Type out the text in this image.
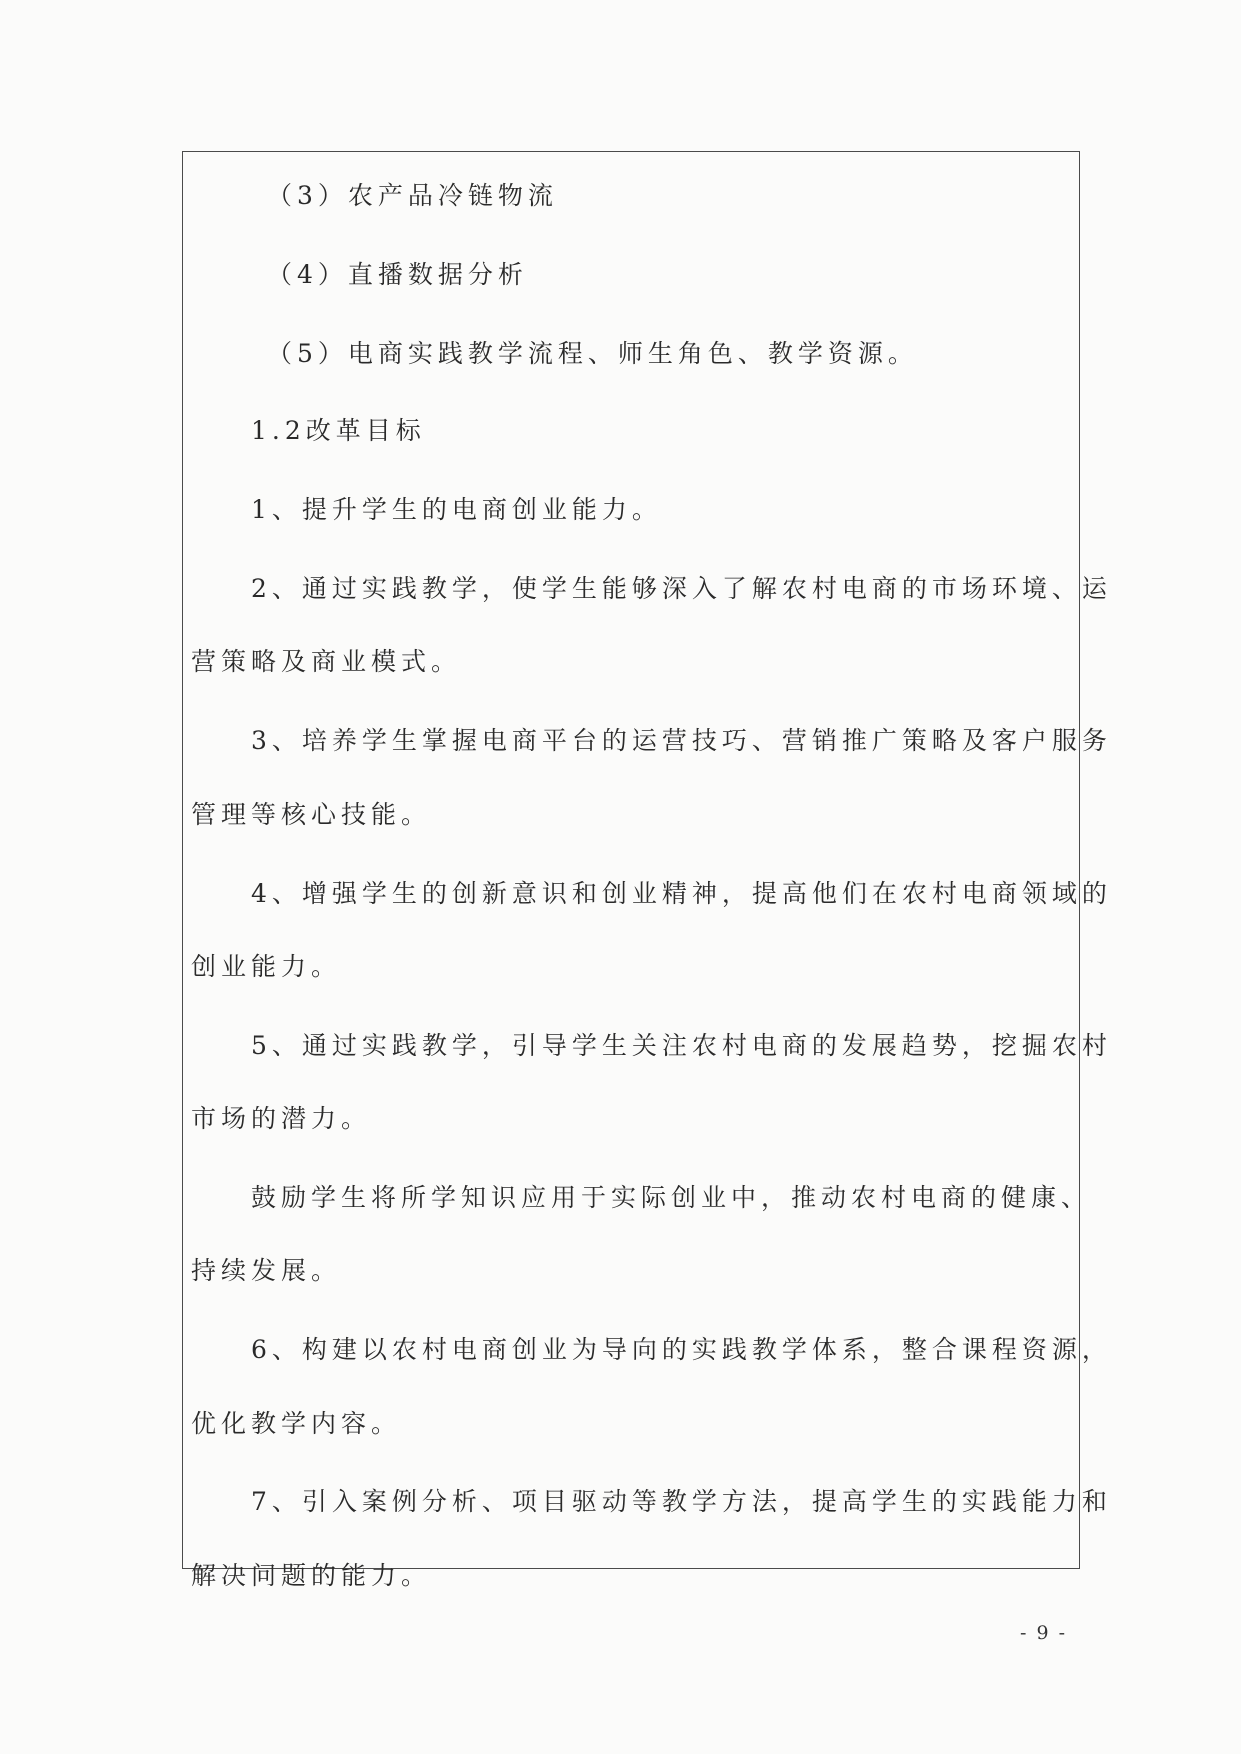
（3）农产品冷链物流
（4）直播数据分析
（5）电商实践教学流程、师生角色、教学资源。
1.2改革目标
1、提升学生的电商创业能力。
2、通过实践教学，使学生能够深入了解农村电商的市场环境、运
营策略及商业模式。
3、培养学生掌握电商平台的运营技巧、营销推广策略及客户服务
管理等核心技能。
4、增强学生的创新意识和创业精神，提高他们在农村电商领域的
创业能力。
5、通过实践教学，引导学生关注农村电商的发展趋势，挖掘农村
市场的潜力。
鼓励学生将所学知识应用于实际创业中，推动农村电商的健康、
持续发展。
6、构建以农村电商创业为导向的实践教学体系，整合课程资源，
优化教学内容。
7、引入案例分析、项目驱动等教学方法，提高学生的实践能力和
解决问题的能力。
- 9 -
